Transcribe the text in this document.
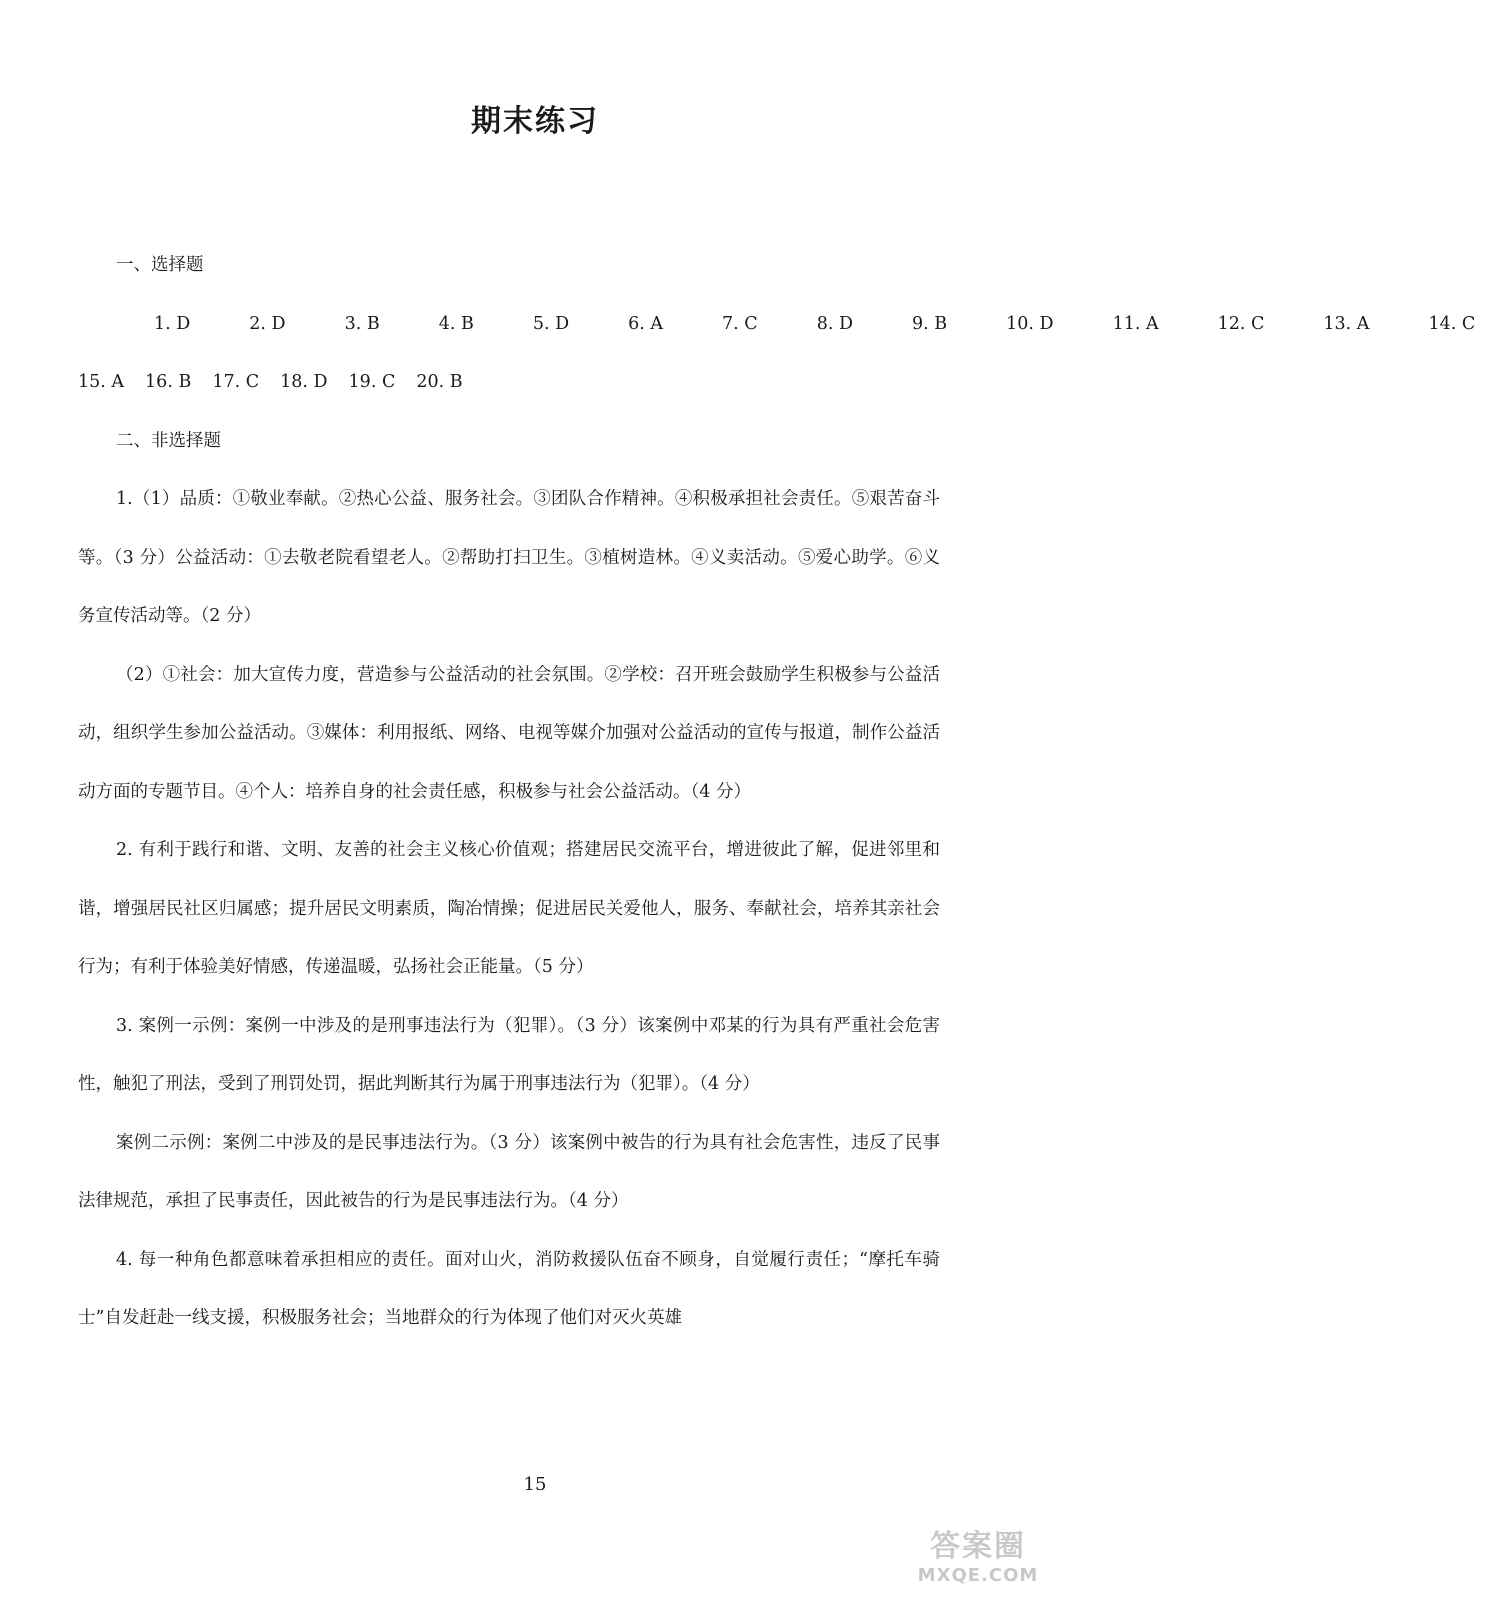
期末练习

一、选择题

1. D	2. D	3. B	4. B	5. D	6. A	7. C	8. D	9. B	10. D	11. A	12. C	13. A	14. C

15. A 16. B 17. C 18. D 19. C 20. B

二、非选择题

1.（1）品质：①敬业奉献。②热心公益、服务社会。③团队合作精神。④积极承担社会责任。⑤艰苦奋斗等。（3 分）公益活动：①去敬老院看望老人。②帮助打扫卫生。③植树造林。④义卖活动。⑤爱心助学。⑥义务宣传活动等。（2 分）

（2）①社会：加大宣传力度，营造参与公益活动的社会氛围。②学校：召开班会鼓励学生积极参与公益活动，组织学生参加公益活动。③媒体：利用报纸、网络、电视等媒介加强对公益活动的宣传与报道，制作公益活动方面的专题节目。④个人：培养自身的社会责任感，积极参与社会公益活动。（4 分）

2. 有利于践行和谐、文明、友善的社会主义核心价值观；搭建居民交流平台，增进彼此了解，促进邻里和谐，增强居民社区归属感；提升居民文明素质，陶冶情操；促进居民关爱他人，服务、奉献社会，培养其亲社会行为；有利于体验美好情感，传递温暖，弘扬社会正能量。（5 分）

3. 案例一示例：案例一中涉及的是刑事违法行为（犯罪）。（3 分）该案例中邓某的行为具有严重社会危害性，触犯了刑法，受到了刑罚处罚，据此判断其行为属于刑事违法行为（犯罪）。（4 分）

案例二示例：案例二中涉及的是民事违法行为。（3 分）该案例中被告的行为具有社会危害性，违反了民事法律规范，承担了民事责任，因此被告的行为是民事违法行为。（4 分）

4. 每一种角色都意味着承担相应的责任。面对山火，消防救援队伍奋不顾身，自觉履行责任；“摩托车骑士”自发赶赴一线支援，积极服务社会；当地群众的行为体现了他们对灭火英雄

15
答案圈
MXQE.COM
